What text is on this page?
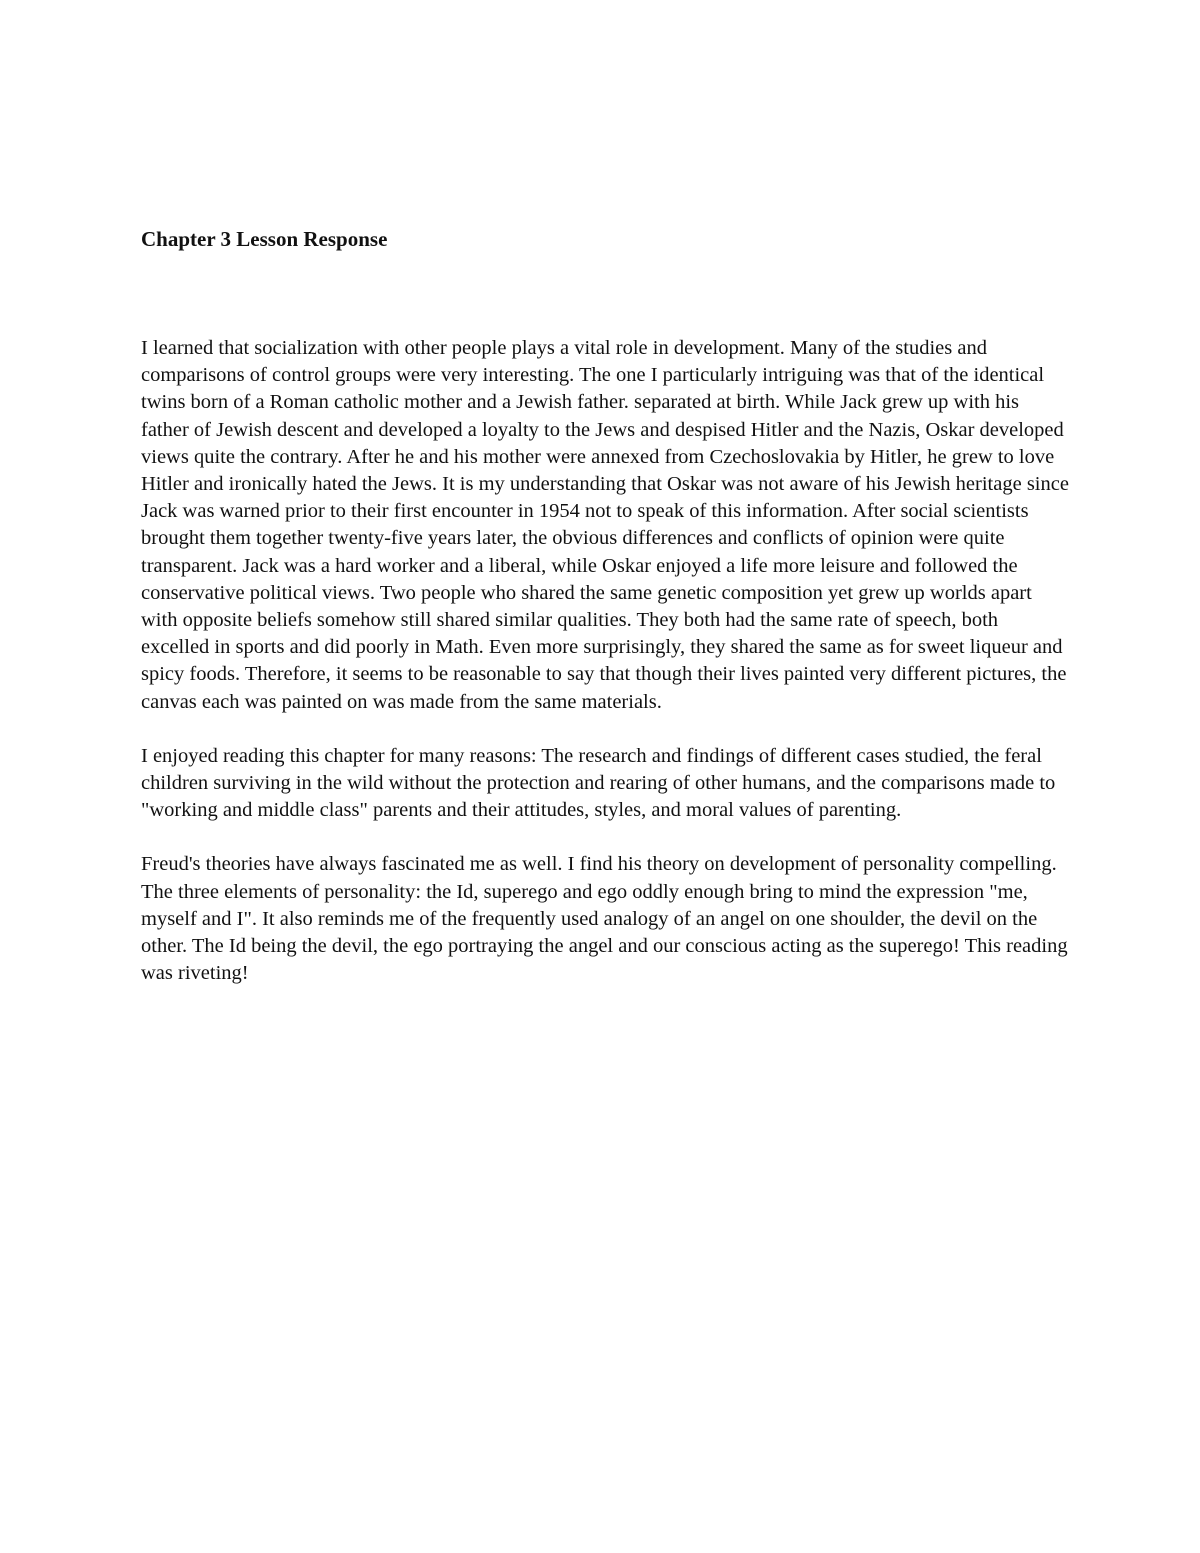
Chapter 3 Lesson Response

I learned that socialization with other people plays a vital role in development. Many of the studies and comparisons of control groups were very interesting. The one I particularly intriguing was that of the identical twins born of a Roman catholic mother and a Jewish father. separated at birth. While Jack grew up with his father of Jewish descent and developed a loyalty to the Jews and despised Hitler and the Nazis, Oskar developed views quite the contrary. After he and his mother were annexed from Czechoslovakia by Hitler, he grew to love Hitler and ironically hated the Jews. It is my understanding that Oskar was not aware of his Jewish heritage since Jack was warned prior to their first encounter in 1954 not to speak of this information. After social scientists brought them together twenty-five years later, the obvious differences and conflicts of opinion were quite transparent. Jack was a hard worker and a liberal, while Oskar enjoyed a life more leisure and followed the conservative political views. Two people who shared the same genetic composition yet grew up worlds apart with opposite beliefs somehow still shared similar qualities. They both had the same rate of speech, both excelled in sports and did poorly in Math. Even more surprisingly, they shared the same as for sweet liqueur and spicy foods. Therefore, it seems to be reasonable to say that though their lives painted very different pictures, the canvas each was painted on was made from the same materials.

I enjoyed reading this chapter for many reasons: The research and findings of different cases studied, the feral children surviving in the wild without the protection and rearing of other humans, and the comparisons made to "working and middle class" parents and their attitudes, styles, and moral values of parenting.

Freud's theories have always fascinated me as well. I find his theory on development of personality compelling. The three elements of personality: the Id, superego and ego oddly enough bring to mind the expression "me, myself and I". It also reminds me of the frequently used analogy of an angel on one shoulder, the devil on the other. The Id being the devil, the ego portraying the angel and our conscious acting as the superego! This reading was riveting!
